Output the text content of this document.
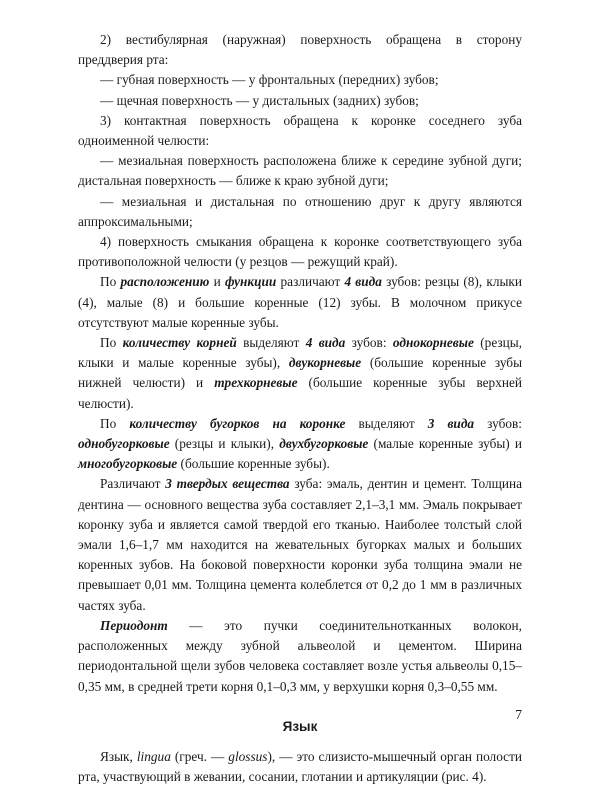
2) вестибулярная (наружная) поверхность обращена в сторону преддверия рта:

— губная поверхность — у фронтальных (передних) зубов;

— щечная поверхность — у дистальных (задних) зубов;

3) контактная поверхность обращена к коронке соседнего зуба одноименной челюсти:

— мезиальная поверхность расположена ближе к середине зубной дуги; дистальная поверхность — ближе к краю зубной дуги;

— мезиальная и дистальная по отношению друг к другу являются аппроксимальными;

4) поверхность смыкания обращена к коронке соответствующего зуба противоположной челюсти (у резцов — режущий край).

По расположению и функции различают 4 вида зубов: резцы (8), клыки (4), малые (8) и большие коренные (12) зубы. В молочном прикусе отсутствуют малые коренные зубы.

По количеству корней выделяют 4 вида зубов: однокорневые (резцы, клыки и малые коренные зубы), двукорневые (большие коренные зубы нижней челюсти) и трехкорневые (большие коренные зубы верхней челюсти).

По количеству бугорков на коронке выделяют 3 вида зубов: однобугорковые (резцы и клыки), двухбугорковые (малые коренные зубы) и многобугорковые (большие коренные зубы).

Различают 3 твердых вещества зуба: эмаль, дентин и цемент. Толщина дентина — основного вещества зуба составляет 2,1–3,1 мм. Эмаль покрывает коронку зуба и является самой твердой его тканью. Наиболее толстый слой эмали 1,6–1,7 мм находится на жевательных бугорках малых и больших коренных зубов. На боковой поверхности коронки зуба толщина эмали не превышает 0,01 мм. Толщина цемента колеблется от 0,2 до 1 мм в различных частях зуба.

Периодонт — это пучки соединительнотканных волокон, расположенных между зубной альвеолой и цементом. Ширина периодонтальной щели зубов человека составляет возле устья альвеолы 0,15–0,35 мм, в средней трети корня 0,1–0,3 мм, у верхушки корня 0,3–0,55 мм.

Язык

Язык, lingua (греч. — glossus), — это слизисто-мышечный орган полости рта, участвующий в жевании, сосании, глотании и артикуляции (рис. 4).

7
